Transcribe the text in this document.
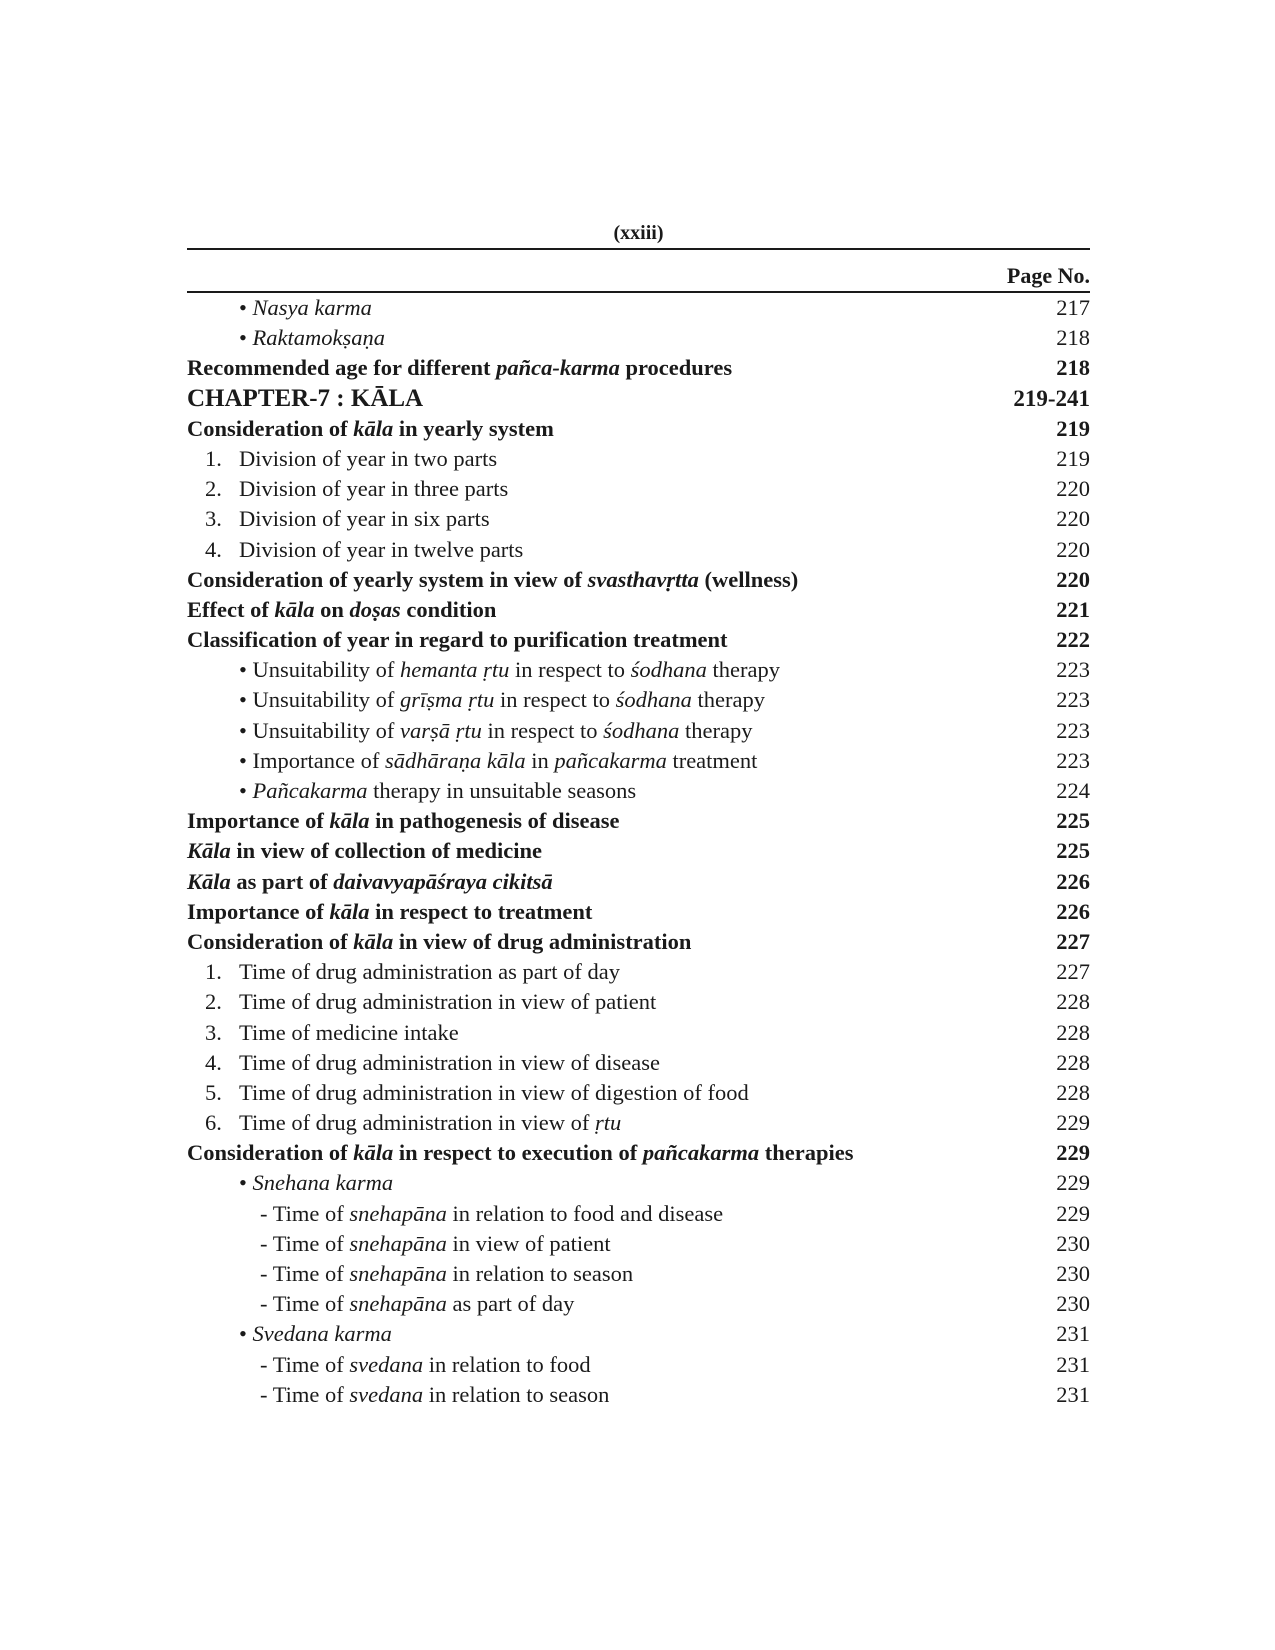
(xxiii)
Page No.
• Nasya karma	217
• Raktamokṣaṇa	218
Recommended age for different pañca-karma procedures	218
CHAPTER-7 : KĀLA	219-241
Consideration of kāla in yearly system	219
1. Division of year in two parts	219
2. Division of year in three parts	220
3. Division of year in six parts	220
4. Division of year in twelve parts	220
Consideration of yearly system in view of svasthavṛtta (wellness)	220
Effect of kāla on doṣas condition	221
Classification of year in regard to purification treatment	222
• Unsuitability of hemanta ṛtu in respect to śodhana therapy	223
• Unsuitability of grīṣma ṛtu in respect to śodhana therapy	223
• Unsuitability of varṣā ṛtu in respect to śodhana therapy	223
• Importance of sādhāraṇa kāla in pañcakarma treatment	223
• Pañcakarma therapy in unsuitable seasons	224
Importance of kāla in pathogenesis of disease	225
Kāla in view of collection of medicine	225
Kāla as part of daivavyapāśraya cikitsā	226
Importance of kāla in respect to treatment	226
Consideration of kāla in view of drug administration	227
1. Time of drug administration as part of day	227
2. Time of drug administration in view of patient	228
3. Time of medicine intake	228
4. Time of drug administration in view of disease	228
5. Time of drug administration in view of digestion of food	228
6. Time of drug administration in view of ṛtu	229
Consideration of kāla in respect to execution of pañcakarma therapies	229
• Snehana karma	229
- Time of snehapāna in relation to food and disease	229
- Time of snehapāna in view of patient	230
- Time of snehapāna in relation to season	230
- Time of snehapāna as part of day	230
• Svedana karma	231
- Time of svedana in relation to food	231
- Time of svedana in relation to season	231
